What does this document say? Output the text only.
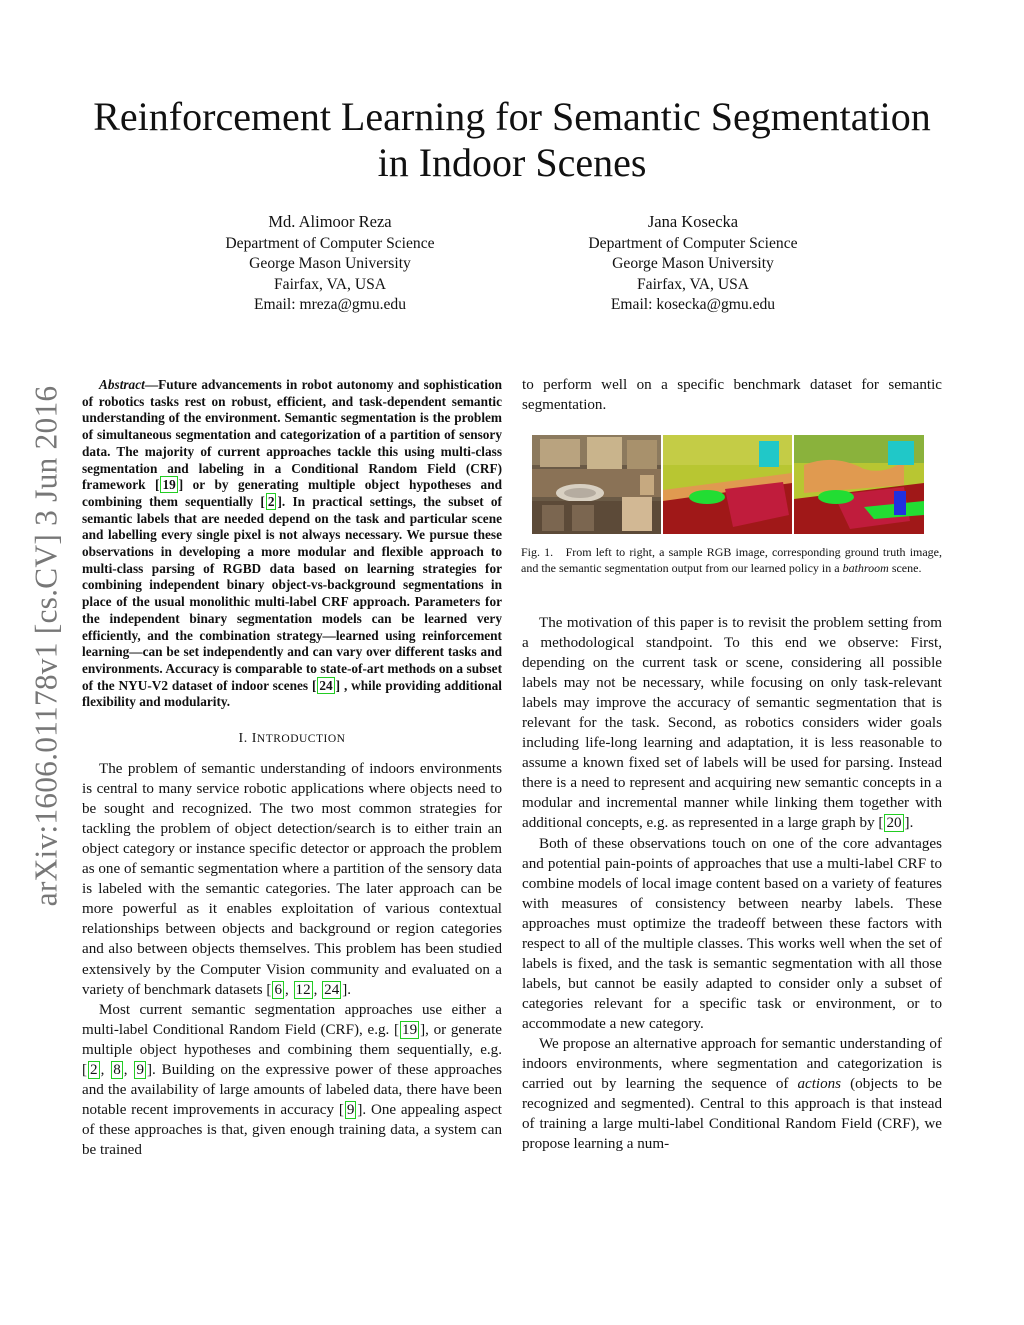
arXiv:1606.01178v1 [cs.CV] 3 Jun 2016
Reinforcement Learning for Semantic Segmentation
in Indoor Scenes
Md. Alimoor Reza
Department of Computer Science
George Mason University
Fairfax, VA, USA
Email: mreza@gmu.edu
Jana Kosecka
Department of Computer Science
George Mason University
Fairfax, VA, USA
Email: kosecka@gmu.edu

Abstract—Future advancements in robot autonomy and sophistication of robotics tasks rest on robust, efficient, and task-dependent semantic understanding of the environment. Semantic segmentation is the problem of simultaneous segmentation and categorization of a partition of sensory data. The majority of current approaches tackle this using multi-class segmentation and labeling in a Conditional Random Field (CRF) framework [ 19 ] or by generating multiple object hypotheses and combining them sequentially [ 2 ]. In practical settings, the subset of semantic labels that are needed depend on the task and particular scene and labelling every single pixel is not always necessary. We pursue these observations in developing a more modular and flexible approach to multi-class parsing of RGBD data based on learning strategies for combining independent binary object-vs-background segmentations in place of the usual monolithic multi-label CRF approach. Parameters for the independent binary segmentation models can be learned very efficiently, and the combination strategy—learned using reinforcement learning—can be set independently and can vary over different tasks and environments. Accuracy is comparable to state-of-art methods on a subset of the NYU-V2 dataset of indoor scenes [ 24 ] , while providing additional flexibility and modularity.

I. INTRODUCTION

The problem of semantic understanding of indoors environments is central to many service robotic applications where objects need to be sought and recognized. The two most common strategies for tackling the problem of object detection/search is to either train an object category or instance specific detector or approach the problem as one of semantic segmentation where a partition of the sensory data is labeled with the semantic categories. The later approach can be more powerful as it enables exploitation of various contextual relationships between objects and background or region categories and also between objects themselves. This problem has been studied extensively by the Computer Vision community and evaluated on a variety of benchmark datasets [ 6 , 12 , 24 ].

Most current semantic segmentation approaches use either a multi-label Conditional Random Field (CRF), e.g. [ 19 ], or generate multiple object hypotheses and combining them sequentially, e.g. [ 2 , 8 , 9 ]. Building on the expressive power of these approaches and the availability of large amounts of labeled data, there have been notable recent improvements in accuracy [ 9 ]. One appealing aspect of these approaches is that, given enough training data, a system can be trained

to perform well on a specific benchmark dataset for semantic segmentation.

Fig. 1. From left to right, a sample RGB image, corresponding ground truth image, and the semantic segmentation output from our learned policy in a bathroom scene.

The motivation of this paper is to revisit the problem setting from a methodological standpoint. To this end we observe: First, depending on the current task or scene, considering all possible labels may not be necessary, while focusing on only task-relevant labels may improve the accuracy of semantic segmentation that is relevant for the task. Second, as robotics considers wider goals including life-long learning and adaptation, it is less reasonable to assume a known fixed set of labels will be used for parsing. Instead there is a need to represent and acquiring new semantic concepts in a modular and incremental manner while linking them together with additional concepts, e.g. as represented in a large graph by [ 20 ].

Both of these observations touch on one of the core advantages and potential pain-points of approaches that use a multi-label CRF to combine models of local image content based on a variety of features with measures of consistency between nearby labels. These approaches must optimize the tradeoff between these factors with respect to all of the multiple classes. This works well when the set of labels is fixed, and the task is semantic segmentation with all those labels, but cannot be easily adapted to consider only a subset of categories relevant for a specific task or environment, or to accommodate a new category.

We propose an alternative approach for semantic understanding of indoors environments, where segmentation and categorization is carried out by learning the sequence of actions (objects to be recognized and segmented). Central to this approach is that instead of training a large multi-label Conditional Random Field (CRF), we propose learning a num-
